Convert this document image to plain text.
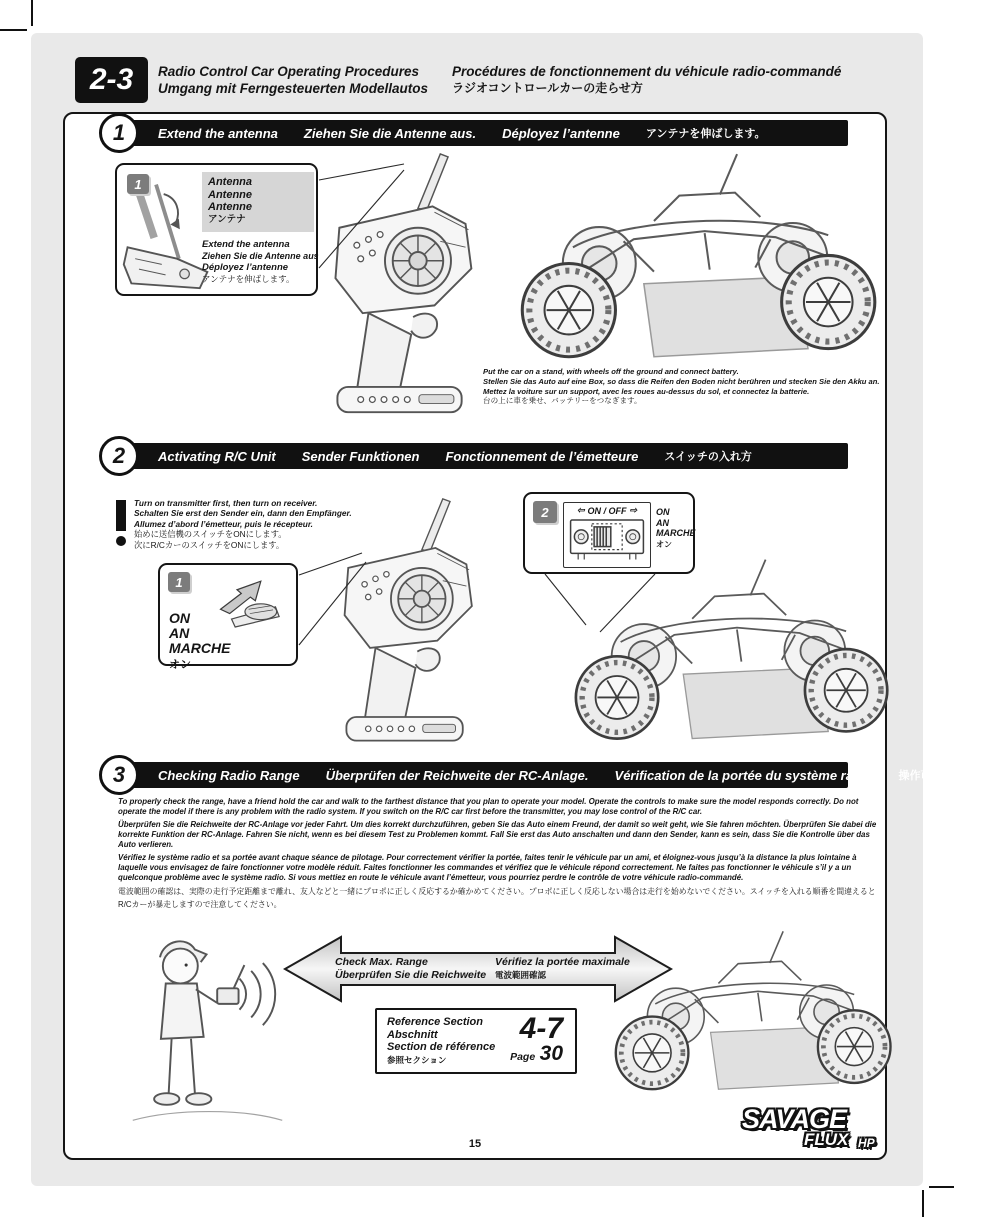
2-3 Radio Control Car Operating Procedures
Umgang mit Ferngesteuerten Modellautos
Procédures de fonctionnement du véhicule radio-commandé
ラジオコントロールカーの走らせ方
Extend the antenna Ziehen Sie die Antenne aus. Déployez l’antenne アンテナを伸ばします。
1
1	Antenna
Antenne
Antenne
アンテナ
Extend the antenna
Ziehen Sie die Antenne aus
Déployez l’antenne
アンテナを伸ばします。
Put the car on a stand, with wheels off the ground and connect battery.
Stellen Sie das Auto auf eine Box, so dass die Reifen den Boden nicht berühren und stecken Sie den Akku an.
Mettez la voiture sur un support, avec les roues au-dessus du sol, et connectez la batterie.
台の上に車を乗せ、バッテリーをつなぎます。
Activating R/C Unit Sender Funktionen Fonctionnement de l’émetteure スイッチの入れ方
2
Turn on transmitter first, then turn on receiver.
Schalten Sie erst den Sender ein, dann den Empfänger.
Allumez d’abord l’émetteur, puis le récepteur.
始めに送信機のスイッチをONにします。
次にR/CカーのスイッチをONにします。
1
ON
AN
MARCHE
オン
2	⇦ ON / OFF ⇨ ON
AN
MARCHE
オン
Checking Radio Range Überprüfen der Reichweite der RC-Anlage. Vérification de la portée du système radio 操作可能範囲の確認
3
To properly check the range, have a friend hold the car and walk to the farthest distance that you plan to operate your model. Operate the controls to make sure the model responds correctly. Do not operate the model if there is any problem with the radio system. If you switch on the R/C car first before the transmitter, you may lose control of the R/C car.
Überprüfen Sie die Reichweite der RC-Anlage vor jeder Fahrt. Um dies korrekt durchzuführen, geben Sie das Auto einem Freund, der damit so weit geht, wie Sie fahren möchten. Überprüfen Sie dabei die korrekte Funktion der RC-Anlage. Fahren Sie nicht, wenn es bei diesem Test zu Problemen kommt. Fall Sie erst das Auto anschalten und dann den Sender, kann es sein, dass Sie die Kontrolle über das Auto verlieren.
Vérifiez le système radio et sa portée avant chaque séance de pilotage. Pour correctement vérifier la portée, faites tenir le véhicule par un ami, et éloignez-vous jusqu’à la distance la plus lointaine à laquelle vous envisagez de faire fonctionner votre modèle réduit. Faites fonctionner les commandes et vérifiez que le véhicule répond correctement. Ne faites pas fonctionner le véhicule s’il y a un quelconque problème avec le système radio. Si vous mettiez en route le véhicule avant l’émetteur, vous pourriez perdre le contrôle de votre véhicule radio-commandé.
電波範囲の確認は、実際の走行予定距離まで離れ、友人などと一緒にプロポに正しく反応するか確かめてください。プロポに正しく反応しない場合は走行を始めないでください。スイッチを入れる順番を間違えるとR/Cカーが暴走しますので注意してください。
Check Max. Range
Überprüfen Sie die Reichweite
Vérifiez la portée maximale
電波範囲確認
Reference Section
Abschnitt
Section de référence
参照セクション
4-7
Page 30
SAVAGE
FLUX HP
15
